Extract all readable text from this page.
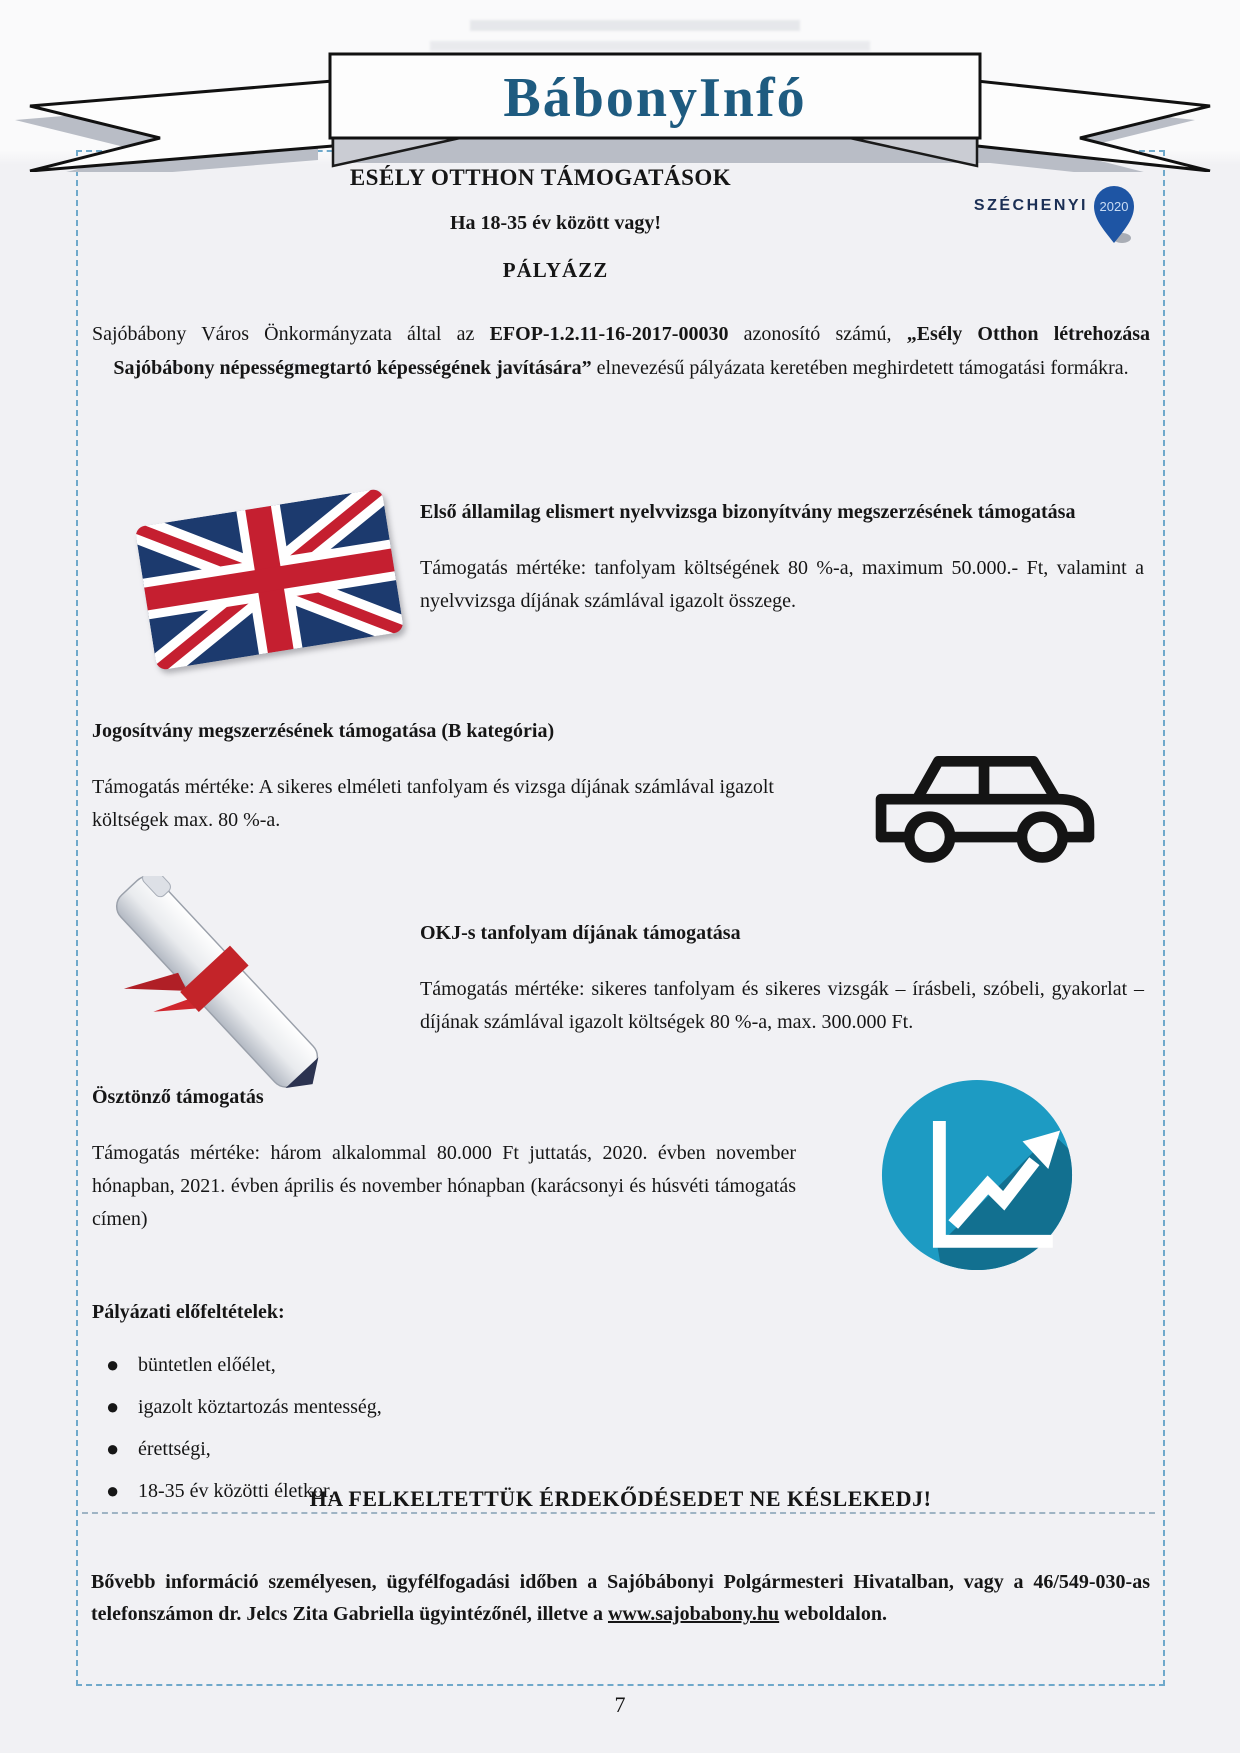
BábonyInfó
ESÉLY OTTHON TÁMOGATÁSOK
SZÉCHENYI 2020
Ha 18-35 év között vagy!
PÁLYÁZZ

Sajóbábony Város Önkormányzata által az EFOP-1.2.11-16-2017-00030 azonosító számú, „Esély Otthon létrehozása Sajóbábony népességmegtartó képességének javítására” elnevezésű pályázata keretében meghirdetett támogatási formákra.

Első államilag elismert nyelvvizsga bizonyítvány megszerzésének támogatása
Támogatás mértéke: tanfolyam költségének 80 %-a, maximum 50.000.- Ft, valamint a nyelvvizsga díjának számlával igazolt összege.
Jogosítvány megszerzésének támogatása (B kategória)
Támogatás mértéke: A sikeres elméleti tanfolyam és vizsga díjának számlával igazolt költségek max. 80 %-a.
OKJ-s tanfolyam díjának támogatása
Támogatás mértéke: sikeres tanfolyam és sikeres vizsgák – írásbeli, szóbeli, gyakorlat – díjának számlával igazolt költségek 80 %-a, max. 300.000 Ft.
Ösztönző támogatás
Támogatás mértéke: három alkalommal 80.000 Ft juttatás, 2020. évben november hónapban, 2021. évben április és november hónapban (karácsonyi és húsvéti támogatás címen)
Pályázati előfeltételek:
● büntetlen előélet,
● igazolt köztartozás mentesség,
● érettségi,
● 18-35 év közötti életkor,
HA FELKELTETTÜK ÉRDEKŐDÉSEDET NE KÉSLEKEDJ!

Bővebb információ személyesen, ügyfélfogadási időben a Sajóbábonyi Polgármesteri Hivatalban, vagy a 46/549-030-as telefonszámon dr. Jelcs Zita Gabriella ügyintézőnél, illetve a www.sajobabony.hu weboldalon.

7
